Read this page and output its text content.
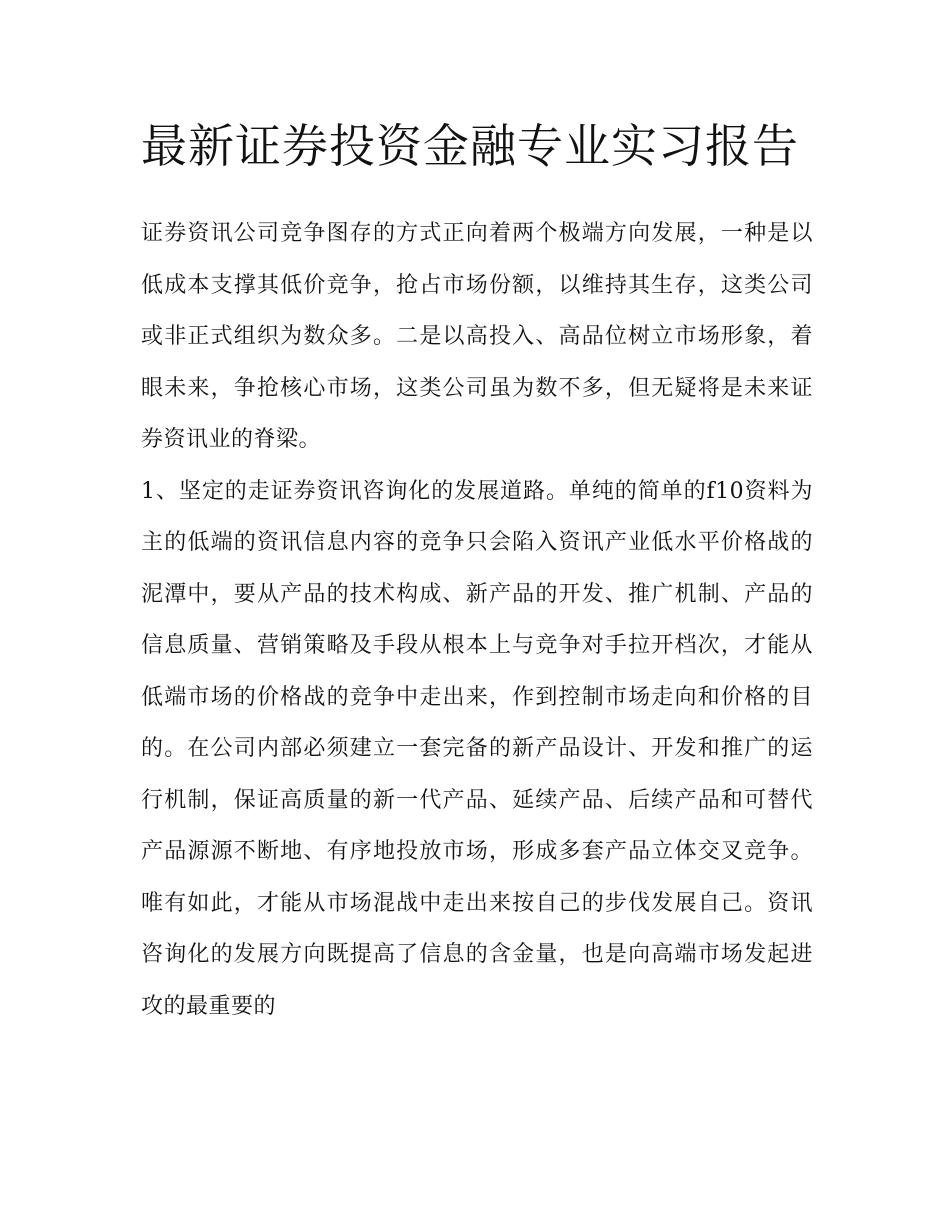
最新证券投资金融专业实习报告

证券资讯公司竞争图存的方式正向着两个极端方向发展，一种是以低成本支撑其低价竞争，抢占市场份额，以维持其生存，这类公司或非正式组织为数众多。二是以高投入、高品位树立市场形象，着眼未来，争抢核心市场，这类公司虽为数不多，但无疑将是未来证券资讯业的脊梁。

1、坚定的走证券资讯咨询化的发展道路。单纯的简单的f10资料为主的低端的资讯信息内容的竞争只会陷入资讯产业低水平价格战的泥潭中，要从产品的技术构成、新产品的开发、推广机制、产品的信息质量、营销策略及手段从根本上与竞争对手拉开档次，才能从低端市场的价格战的竞争中走出来，作到控制市场走向和价格的目的。在公司内部必须建立一套完备的新产品设计、开发和推广的运行机制，保证高质量的新一代产品、延续产品、后续产品和可替代产品源源不断地、有序地投放市场，形成多套产品立体交叉竞争。唯有如此，才能从市场混战中走出来按自己的步伐发展自己。资讯咨询化的发展方向既提高了信息的含金量，也是向高端市场发起进攻的最重要的
